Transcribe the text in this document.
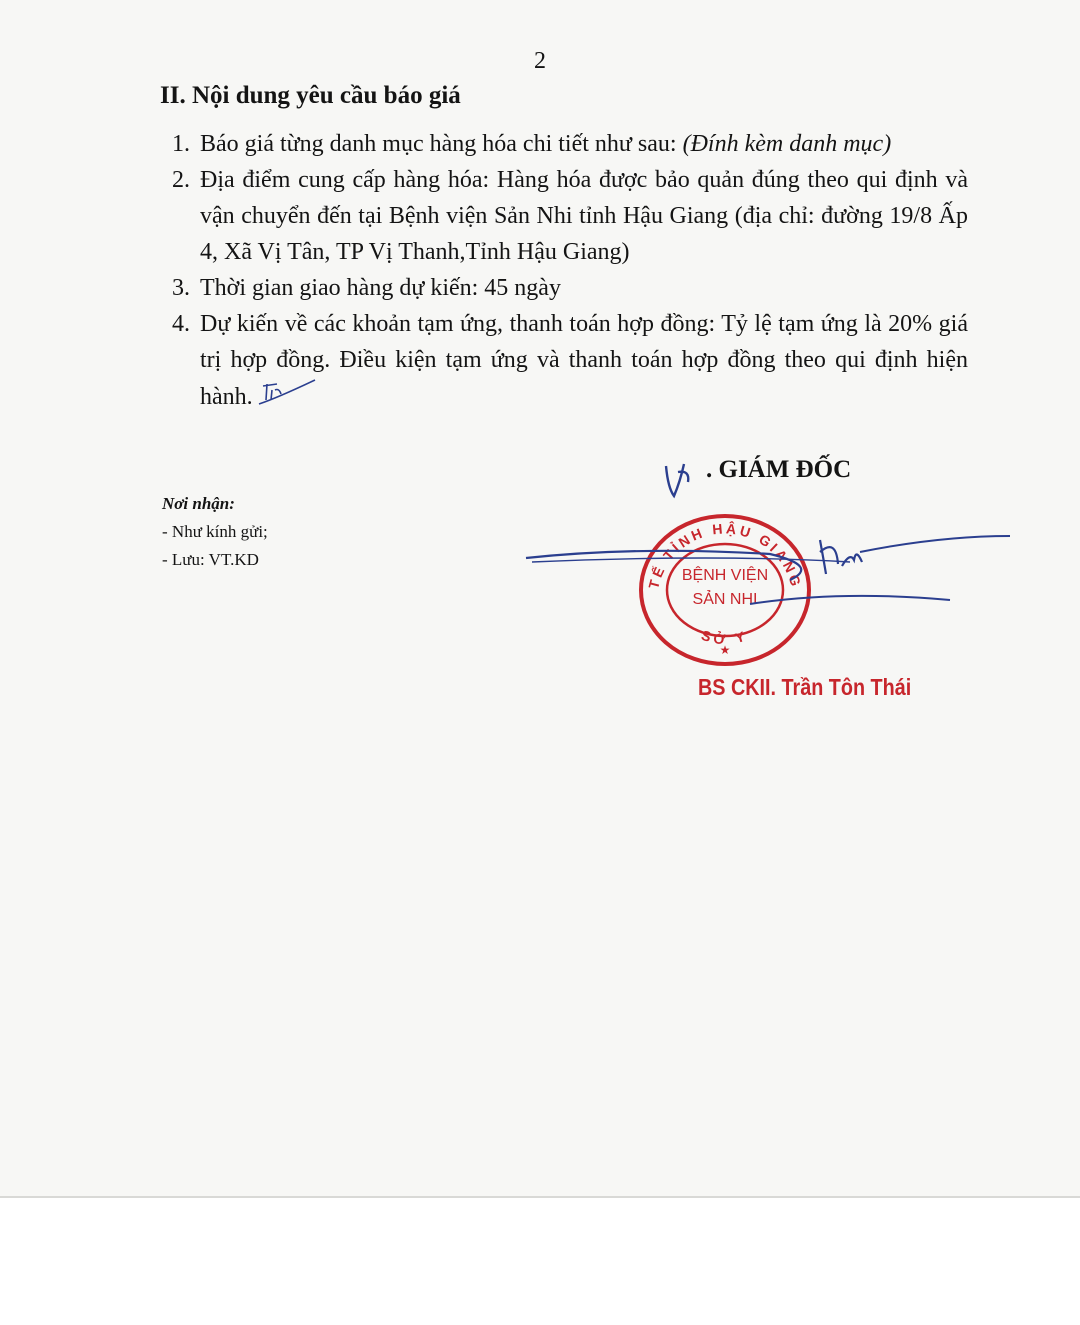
2
II. Nội dung yêu cầu báo giá
1. Báo giá từng danh mục hàng hóa chi tiết như sau: (Đính kèm danh mục)
2. Địa điểm cung cấp hàng hóa: Hàng hóa được bảo quản đúng theo qui định và vận chuyển đến tại Bệnh viện Sản Nhi tỉnh Hậu Giang (địa chỉ: đường 19/8 Ấp 4, Xã Vị Tân, TP Vị Thanh,Tỉnh Hậu Giang)
3. Thời gian giao hàng dự kiến: 45 ngày
4. Dự kiến về các khoản tạm ứng, thanh toán hợp đồng: Tỷ lệ tạm ứng là 20% giá trị hợp đồng. Điều kiện tạm ứng và thanh toán hợp đồng theo qui định hiện hành.
Nơi nhận:
- Như kính gửi;
- Lưu: VT.KD
. GIÁM ĐỐC
TẾ TỈNH HẬU GIANG
BỆNH VIỆN
SẢN NHI
SỞ Y
★
BS CKII. Trần Tôn Thái
